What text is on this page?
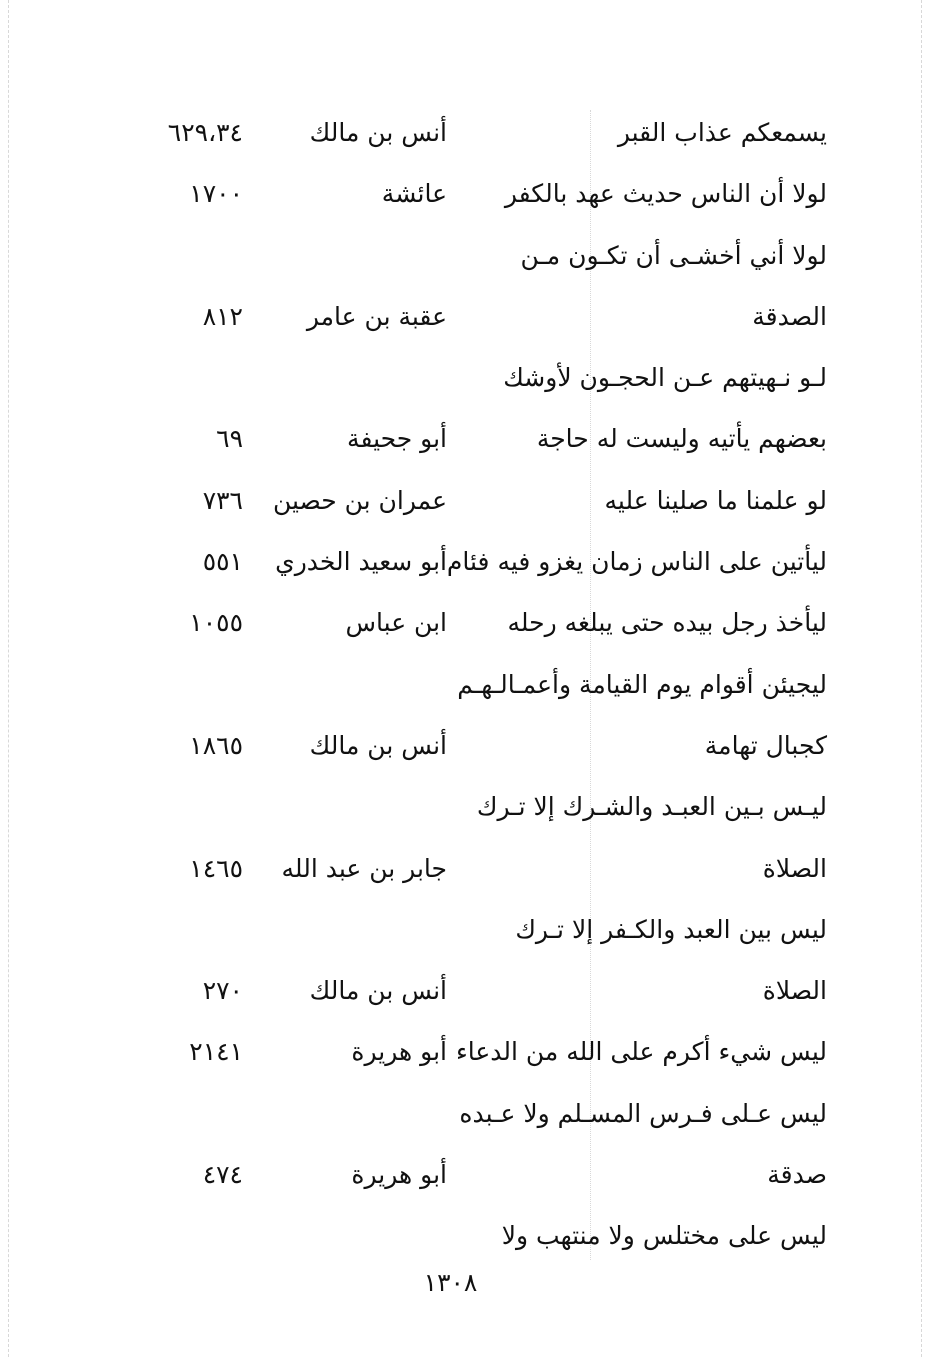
يسمعكم عذاب القبر
أنس بن مالك
٦٢٩،٣٤
لولا أن الناس حديث عهد بالكفر
عائشة
١٧٠٠
لولا أني أخشـى أن تكـون مـن
الصدقة
عقبة بن عامر
٨١٢
لـو نـهيتهم عـن الحجـون لأوشك
بعضهم يأتيه وليست له حاجة
أبو جحيفة
٦٩
لو علمنا ما صلينا عليه
عمران بن حصين
٧٣٦
ليأتين على الناس زمان يغزو فيه فئام
أبو سعيد الخدري
٥٥١
ليأخذ رجل بيده حتى يبلغه رحله
ابن عباس
١٠٥٥
ليجيئن أقوام يوم القيامة وأعمـالـهـم
كجبال تهامة
أنس بن مالك
١٨٦٥
ليـس بـين العبـد والشـرك إلا تـرك
الصلاة
جابر بن عبد الله
١٤٦٥
ليس بين العبد والكـفر إلا تـرك
الصلاة
أنس بن مالك
٢٧٠
ليس شيء أكرم على الله من الدعاء
أبو هريرة
٢١٤١
ليس عـلى فـرس المسـلم ولا عـبده
صدقة
أبو هريرة
٤٧٤
ليس على مختلس ولا منتهب ولا
١٣٠٨
